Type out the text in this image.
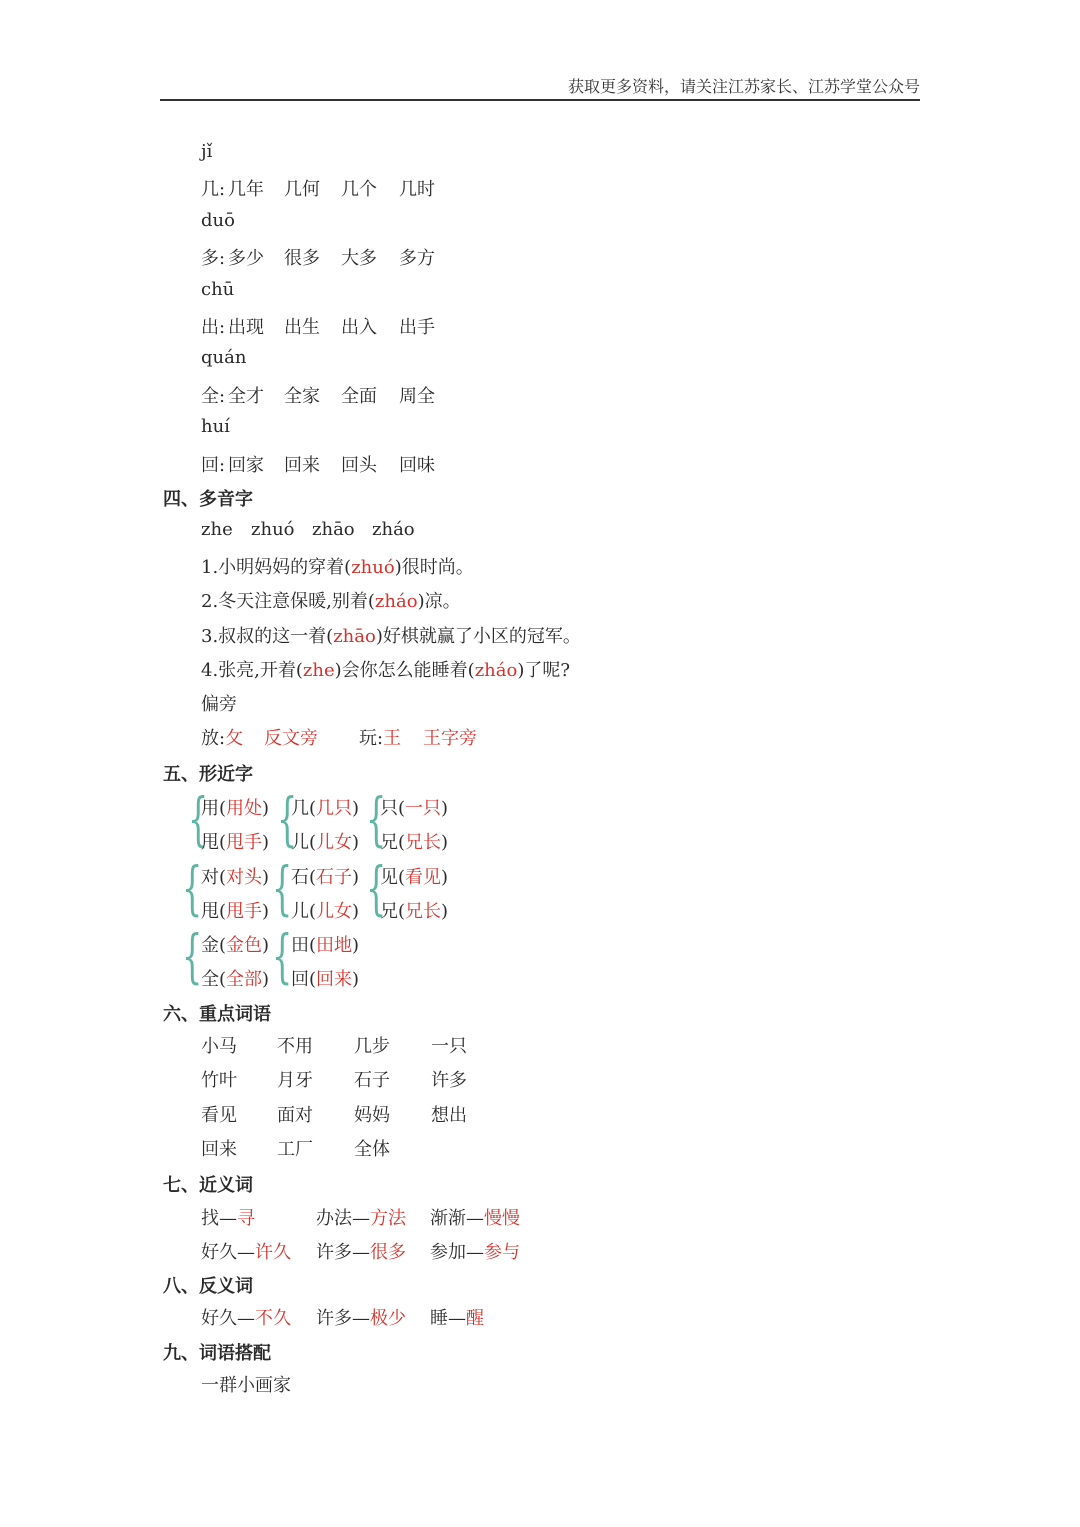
获取更多资料，请关注江苏家长、江苏学堂公众号
jǐ
几: 几年 几何 几个 几时
duō
多: 多少 很多 大多 多方
chū
出: 出现 出生 出入 出手
quán
全: 全才 全家 全面 周全
huí
回: 回家 回来 回头 回味
四、多音字
zhe zhuó zhāo zháo
1.小明妈妈的穿着(zhuó)很时尚。
2.冬天注意保暖,别着(zháo)凉。
3.叔叔的这一着(zhāo)好棋就赢了小区的冠军。
4.张亮,开着(zhe)会你怎么能睡着(zháo)了呢?
偏旁
放:攵 反文旁 玩:王 王字旁
五、形近字
{
用(用处)
甩(甩手) {
几(几只)
儿(儿女) {
只(一只)
兄(兄长)
{
对(对头)
甩(甩手) {
石(石子)
儿(儿女) {
见(看见)
兄(兄长)
{
金(金色)
全(全部) {
田(田地)
回(回来)
六、重点词语
小马 不用 几步 一只
竹叶 月牙 石子 许多
看见 面对 妈妈 想出
回来 工厂 全体
七、近义词
找—寻	办法—方法 渐渐—慢慢
好久—许久 许多—很多 参加—参与
八、反义词
好久—不久 许多—极少 睡—醒
九、词语搭配
一群小画家
